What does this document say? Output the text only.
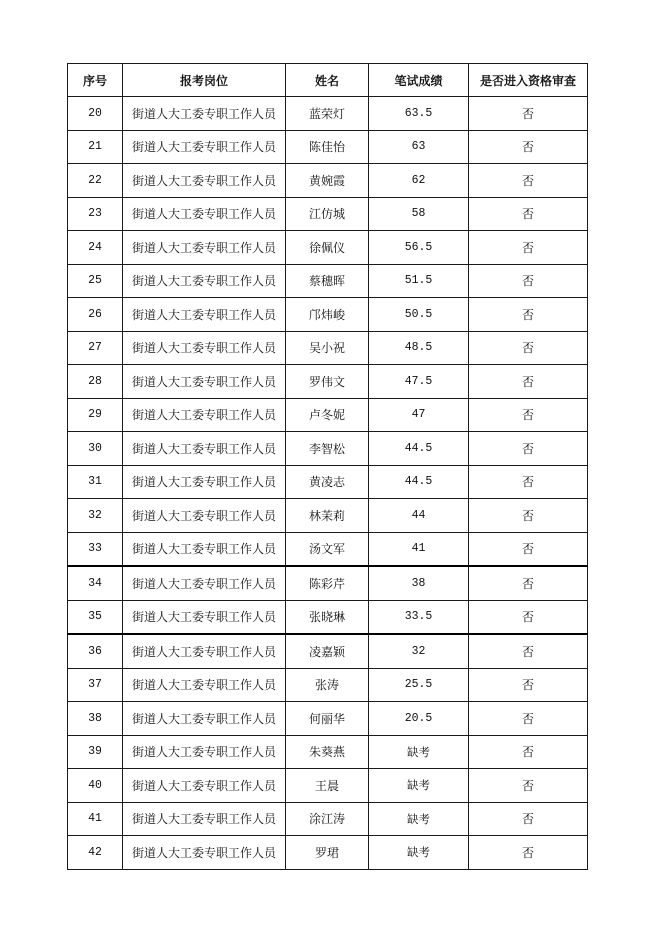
序号	报考岗位	姓名	笔试成绩	是否进入资格审查
20	街道人大工委专职工作人员	蓝荣灯	63.5	否
21	街道人大工委专职工作人员	陈佳怡	63	否
22	街道人大工委专职工作人员	黄婉霞	62	否
23	街道人大工委专职工作人员	江仿城	58	否
24	街道人大工委专职工作人员	徐佩仪	56.5	否
25	街道人大工委专职工作人员	蔡穗晖	51.5	否
26	街道人大工委专职工作人员	邝炜峻	50.5	否
27	街道人大工委专职工作人员	吴小祝	48.5	否
28	街道人大工委专职工作人员	罗伟文	47.5	否
29	街道人大工委专职工作人员	卢冬妮	47	否
30	街道人大工委专职工作人员	李智松	44.5	否
31	街道人大工委专职工作人员	黄凌志	44.5	否
32	街道人大工委专职工作人员	林茉莉	44	否
33	街道人大工委专职工作人员	汤文军	41	否
34	街道人大工委专职工作人员	陈彩芹	38	否
35	街道人大工委专职工作人员	张晓琳	33.5	否
36	街道人大工委专职工作人员	凌嘉颖	32	否
37	街道人大工委专职工作人员	张涛	25.5	否
38	街道人大工委专职工作人员	何丽华	20.5	否
39	街道人大工委专职工作人员	朱葵燕	缺考	否
40	街道人大工委专职工作人员	王晨	缺考	否
41	街道人大工委专职工作人员	涂江涛	缺考	否
42	街道人大工委专职工作人员	罗珺	缺考	否
